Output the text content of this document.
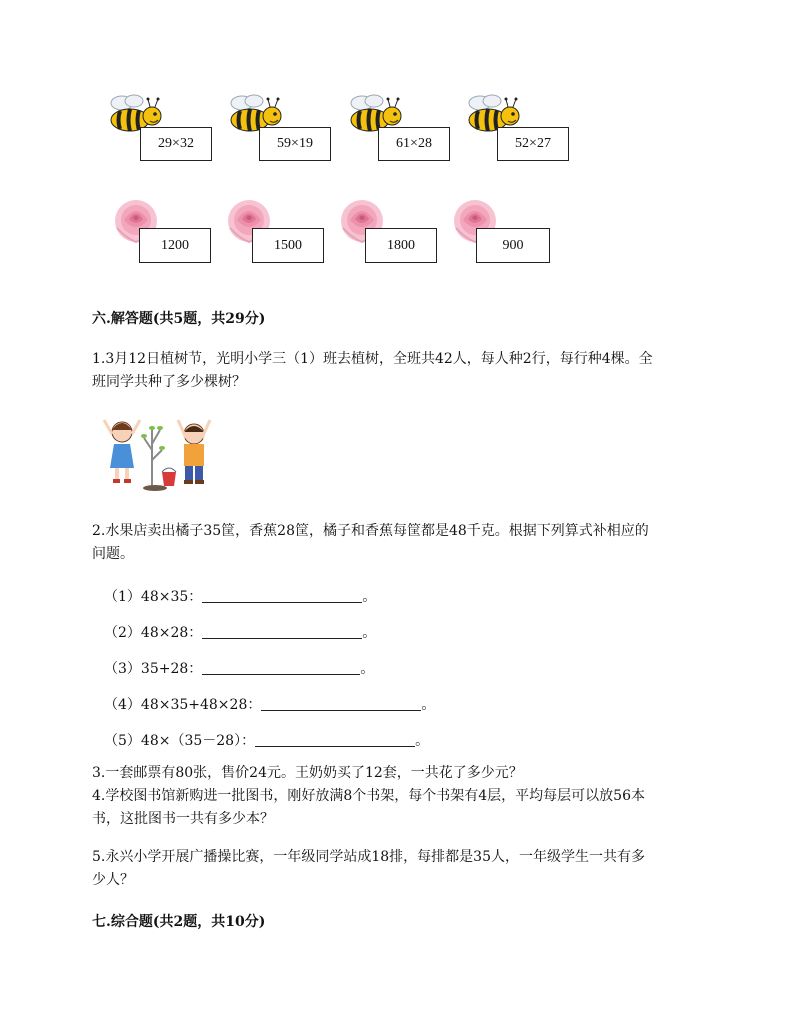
29×32	59×19	61×28	52×27
1200	1500	1800	900
六.解答题(共5题，共29分)
1.3月12日植树节，光明小学三（1）班去植树，全班共42人，每人种2行，每行种4棵。全
班同学共种了多少棵树？
2.水果店卖出橘子35筐，香蕉28筐，橘子和香蕉每筐都是48千克。根据下列算式补相应的
问题。
（1）48×35：	。
（2）48×28：	。
（3）35+28：	。
（4）48×35+48×28：	。
（5）48×（35－28）：	。
3.一套邮票有80张，售价24元。王奶奶买了12套，一共花了多少元？
4.学校图书馆新购进一批图书，刚好放满8个书架，每个书架有4层，平均每层可以放56本
书，这批图书一共有多少本？
5.永兴小学开展广播操比赛，一年级同学站成18排，每排都是35人，一年级学生一共有多
少人？
七.综合题(共2题，共10分)
